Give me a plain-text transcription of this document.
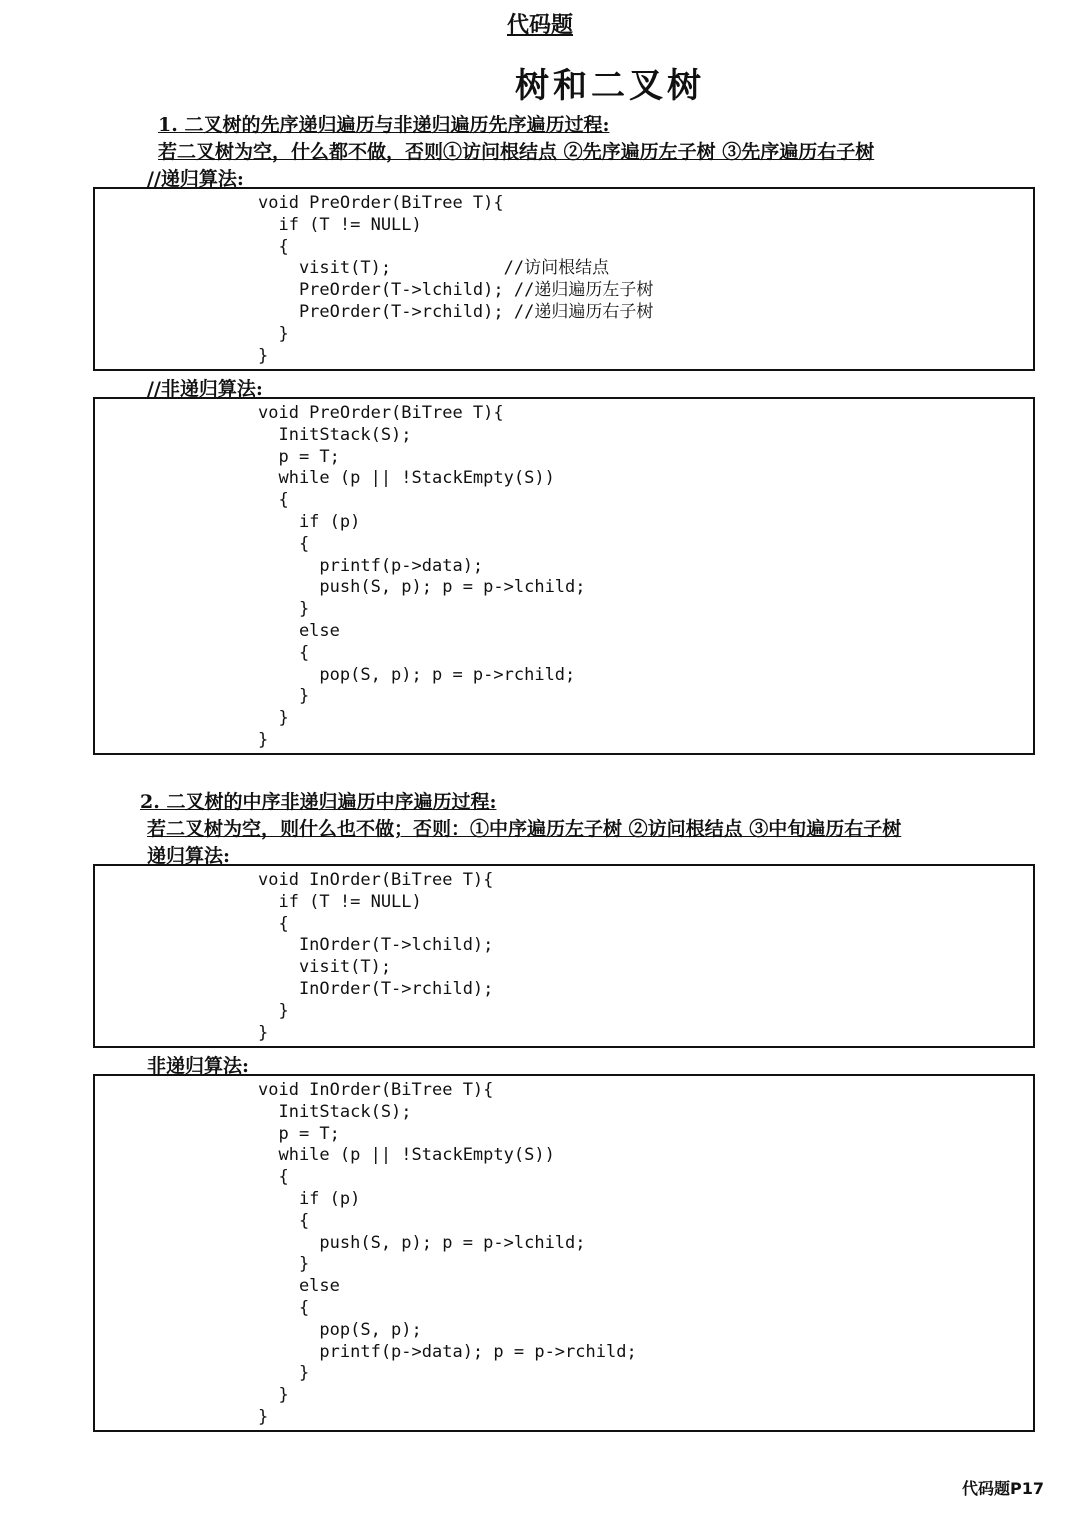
代码题
树和二叉树
1. 二叉树的先序递归遍历与非递归遍历先序遍历过程:
若二叉树为空，什么都不做，否则①访问根结点 ②先序遍历左子树 ③先序遍历右子树
//递归算法:
void PreOrder(BiTree T){
if (T != NULL)
{
visit(T);           //访问根结点
PreOrder(T->lchild); //递归遍历左子树
PreOrder(T->rchild); //递归遍历右子树
}
}
//非递归算法:
void PreOrder(BiTree T){
InitStack(S);
p = T;
while (p || !StackEmpty(S))
{
if (p)
{
printf(p->data);
push(S, p); p = p->lchild;
}
else
{
pop(S, p); p = p->rchild;
}
}
}
2. 二叉树的中序非递归遍历中序遍历过程:
若二叉树为空，则什么也不做；否则：①中序遍历左子树 ②访问根结点 ③中旬遍历右子树
递归算法:
void InOrder(BiTree T){
if (T != NULL)
{
InOrder(T->lchild);
visit(T);
InOrder(T->rchild);
}
}
非递归算法:
void InOrder(BiTree T){
InitStack(S);
p = T;
while (p || !StackEmpty(S))
{
if (p)
{
push(S, p); p = p->lchild;
}
else
{
pop(S, p);
printf(p->data); p = p->rchild;
}
}
}
代码题P17
